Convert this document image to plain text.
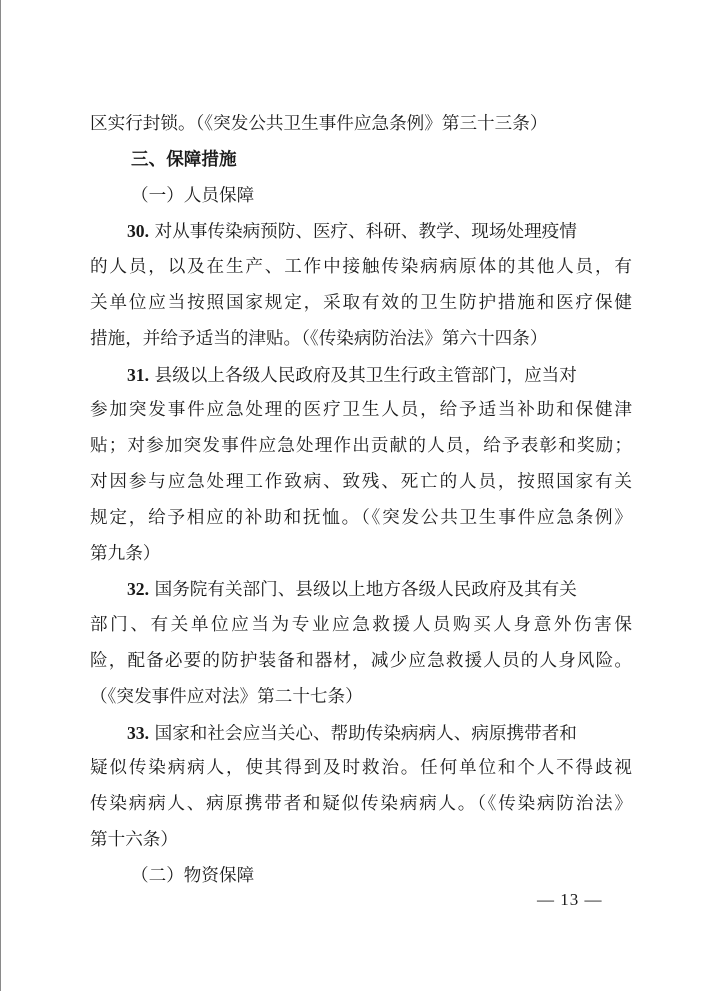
区实行封锁。（《突发公共卫生事件应急条例》第三十三条）
三、保障措施
（一）人员保障
30. 对从事传染病预防、医疗、科研、教学、现场处理疫情
的人员，以及在生产、工作中接触传染病病原体的其他人员，有
关单位应当按照国家规定，采取有效的卫生防护措施和医疗保健
措施，并给予适当的津贴。（《传染病防治法》第六十四条）
31. 县级以上各级人民政府及其卫生行政主管部门，应当对
参加突发事件应急处理的医疗卫生人员，给予适当补助和保健津
贴；对参加突发事件应急处理作出贡献的人员，给予表彰和奖励；
对因参与应急处理工作致病、致残、死亡的人员，按照国家有关
规定，给予相应的补助和抚恤。（《突发公共卫生事件应急条例》
第九条）
32. 国务院有关部门、县级以上地方各级人民政府及其有关
部门、有关单位应当为专业应急救援人员购买人身意外伤害保
险，配备必要的防护装备和器材，减少应急救援人员的人身风险。
（《突发事件应对法》第二十七条）
33. 国家和社会应当关心、帮助传染病病人、病原携带者和
疑似传染病病人，使其得到及时救治。任何单位和个人不得歧视
传染病病人、病原携带者和疑似传染病病人。（《传染病防治法》
第十六条）
（二）物资保障
— 13 —
